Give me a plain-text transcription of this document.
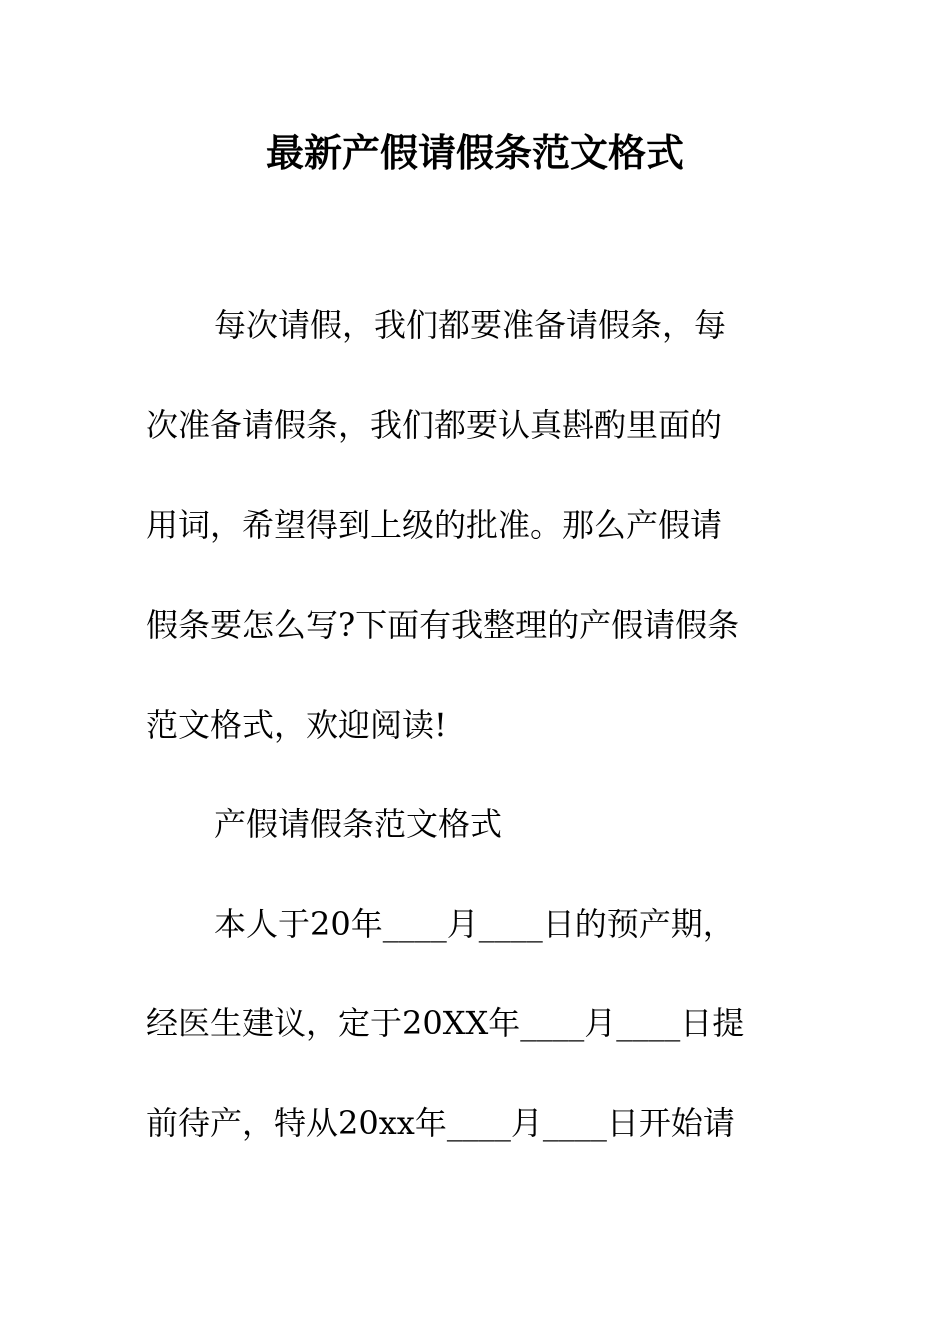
最新产假请假条范文格式
每次请假，我们都要准备请假条，每
次准备请假条，我们都要认真斟酌里面的
用词，希望得到上级的批准。那么产假请
假条要怎么写?下面有我整理的产假请假条
范文格式，欢迎阅读!
产假请假条范文格式
本人于20年____月____日的预产期，
经医生建议，定于20XX年____月____日提
前待产，特从20xx年____月____日开始请
